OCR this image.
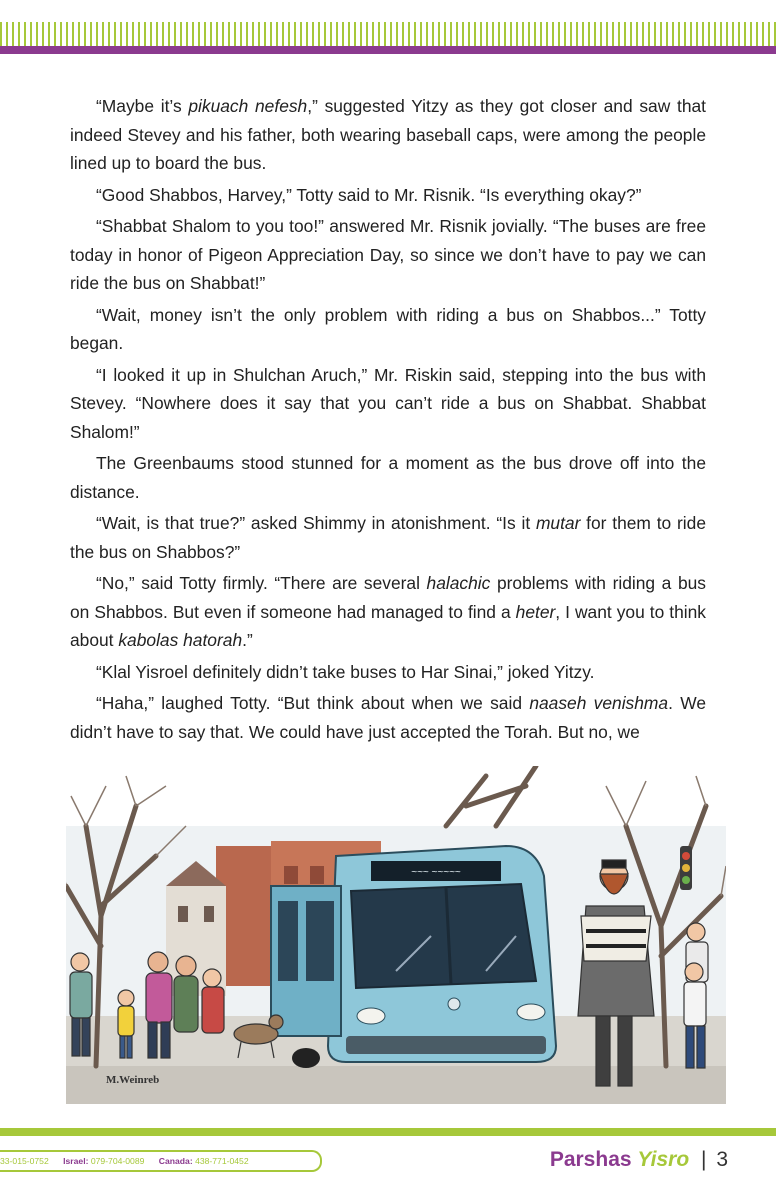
“Maybe it’s pikuach nefesh,” suggested Yitzy as they got closer and saw that indeed Stevey and his father, both wearing baseball caps, were among the people lined up to board the bus.

“Good Shabbos, Harvey,” Totty said to Mr. Risnik. “Is everything okay?”

“Shabbat Shalom to you too!” answered Mr. Risnik jovially. “The buses are free today in honor of Pigeon Appreciation Day, so since we don’t have to pay we can ride the bus on Shabbat!”

“Wait, money isn’t the only problem with riding a bus on Shabbos...” Totty began.

“I looked it up in Shulchan Aruch,” Mr. Riskin said, stepping into the bus with Stevey. “Nowhere does it say that you can’t ride a bus on Shabbat. Shabbat Shalom!”

The Greenbaums stood stunned for a moment as the bus drove off into the distance.

“Wait, is that true?” asked Shimmy in atonishment. “Is it mutar for them to ride the bus on Shabbos?”

“No,” said Totty firmly. “There are several halachic problems with riding a bus on Shabbos. But even if someone had managed to find a heter, I want you to think about kabolas hatorah.”

“Klal Yisroel definitely didn’t take buses to Har Sinai,” joked Yitzy.

“Haha,” laughed Totty. “But think about when we said naaseh venishma. We didn’t have to say that. We could have just accepted the Torah. But no, we

~~~ ~~~~~
M.Weinreb
33-015-0752 Israel: 079-704-0089 Canada: 438-771-0452	Parshas Yisro | 3
